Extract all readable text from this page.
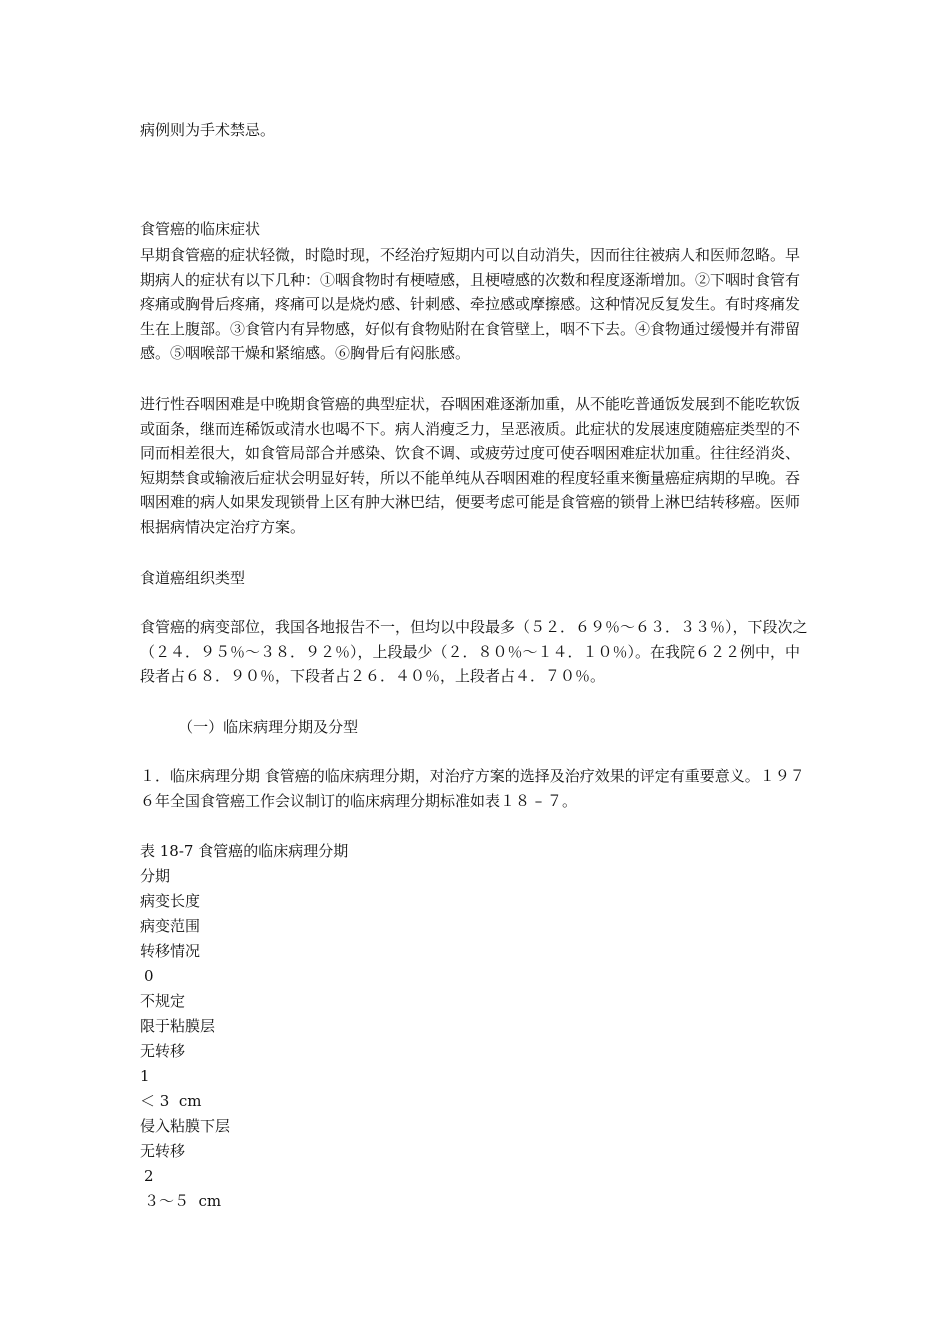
病例则为手术禁忌。

食管癌的临床症状

早期食管癌的症状轻微，时隐时现，不经治疗短期内可以自动消失，因而往往被病人和医师忽略。早期病人的症状有以下几种：①咽食物时有梗噎感，且梗噎感的次数和程度逐渐增加。②下咽时食管有疼痛或胸骨后疼痛，疼痛可以是烧灼感、针刺感、牵拉感或摩擦感。这种情况反复发生。有时疼痛发生在上腹部。③食管内有异物感，好似有食物贴附在食管壁上，咽不下去。④食物通过缓慢并有滞留感。⑤咽喉部干燥和紧缩感。⑥胸骨后有闷胀感。

进行性吞咽困难是中晚期食管癌的典型症状，吞咽困难逐渐加重，从不能吃普通饭发展到不能吃软饭或面条，继而连稀饭或清水也喝不下。病人消瘦乏力，呈恶液质。此症状的发展速度随癌症类型的不同而相差很大，如食管局部合并感染、饮食不调、或疲劳过度可使吞咽困难症状加重。往往经消炎、短期禁食或输液后症状会明显好转，所以不能单纯从吞咽困难的程度轻重来衡量癌症病期的早晚。吞咽困难的病人如果发现锁骨上区有肿大淋巴结，便要考虑可能是食管癌的锁骨上淋巴结转移癌。医师根据病情决定治疗方案。

食道癌组织类型

食管癌的病变部位，我国各地报告不一，但均以中段最多（５２．６９％～６３．３３％），下段次之（２４．９５％～３８．９２％），上段最少（２．８０％～１４．１０％）。在我院６２２例中，中段者占６８．９０％，下段者占２６．４０％，上段者占４．７０％。

（一）临床病理分期及分型

１．临床病理分期 食管癌的临床病理分期，对治疗方案的选择及治疗效果的评定有重要意义。１９７６年全国食管癌工作会议制订的临床病理分期标准如表１８ – ７。

表 18-7 食管癌的临床病理分期

分期

病变长度

病变范围

转移情况

0

不规定

限于粘膜层

无转移

1

＜ 3  cm

侵入粘膜下层

无转移

2

３～５  cm
